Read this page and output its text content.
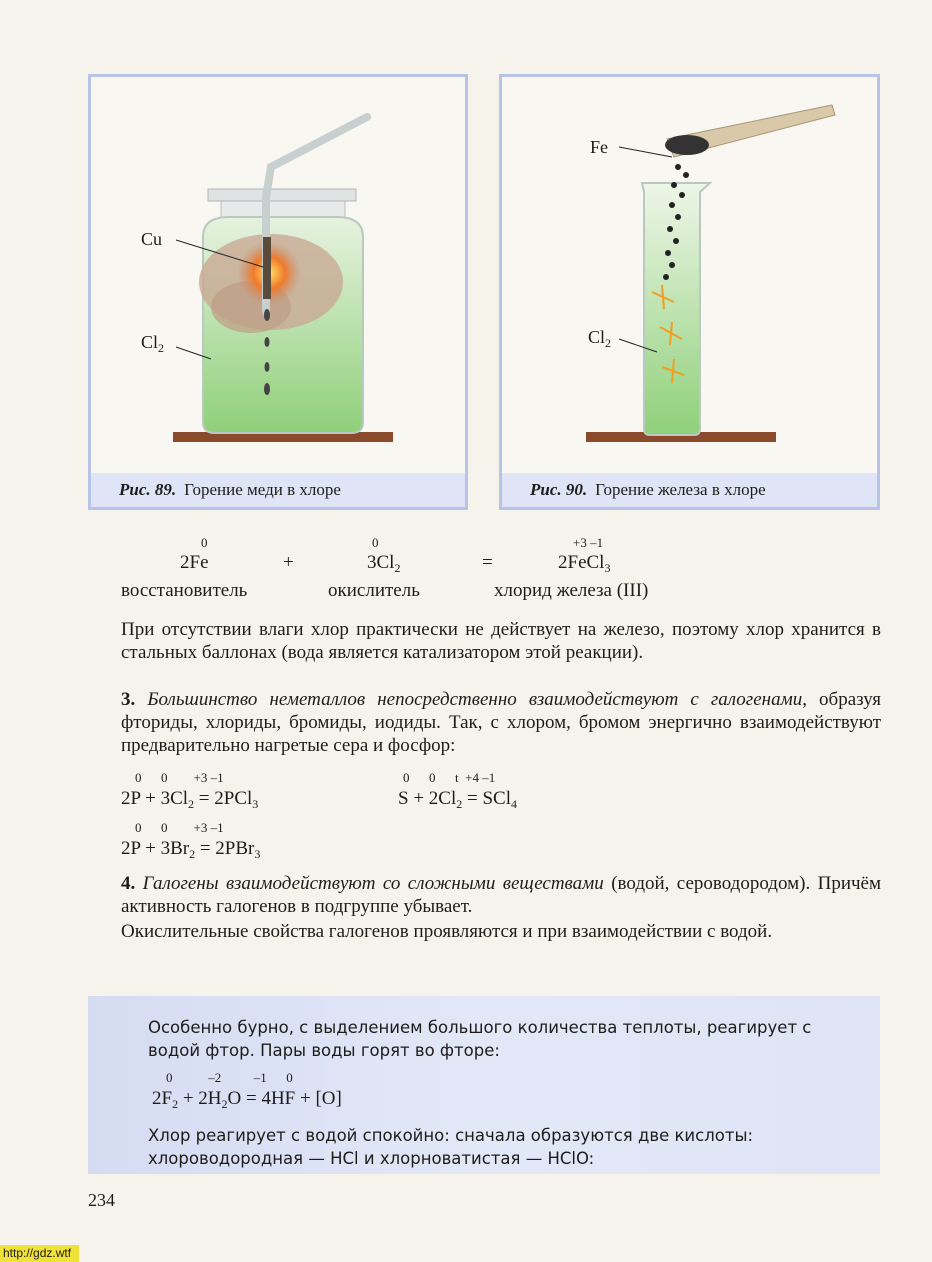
Cu
$Cl_2$
Рис. 89. Горение меди в хлоре
Fe
$Cl_2$
Рис. 90. Горение железа в хлоре
0	0	+3 –1
2Fe	+	$3Cl_2$	=	2FeCl$_3$
восстановитель	окислитель	хлорид железа (III)

При отсутствии влаги хлор практически не действует на железо, поэтому хлор хранится в стальных баллонах (вода является катализатором этой реакции).

3. Большинство неметаллов непосредственно взаимодействуют с галогенами, образуя фториды, хлориды, бромиды, иодиды. Так, с хлором, бромом энергично взаимодействуют предварительно нагретые сера и фосфор:

0      0        +3 –1
$2P + 3Cl_2 = 2PCl_3$
0      0      t  +4 –1
$S + 2Cl_2 = SCl_4$
0      0        +3 –1
$2P + 3Br_2 = 2PBr_3$

4. Галогены взаимодействуют со сложными веществами (водой, сероводородом). Причём активность галогенов в подгруппе убывает.

Окислительные свойства галогенов проявляются и при взаимодействии с водой.

Особенно бурно, с выделением большого количества теплоты, реагирует с водой фтор. Пары воды горят во фторе:
0           –2          –1      0
$2F_2 + 2H_2O = 4HF + [O]$
Хлор реагирует с водой спокойно: сначала образуются две кислоты: хлороводородная — HCl и хлорноватистая — HClO:
234
http://gdz.wtf
